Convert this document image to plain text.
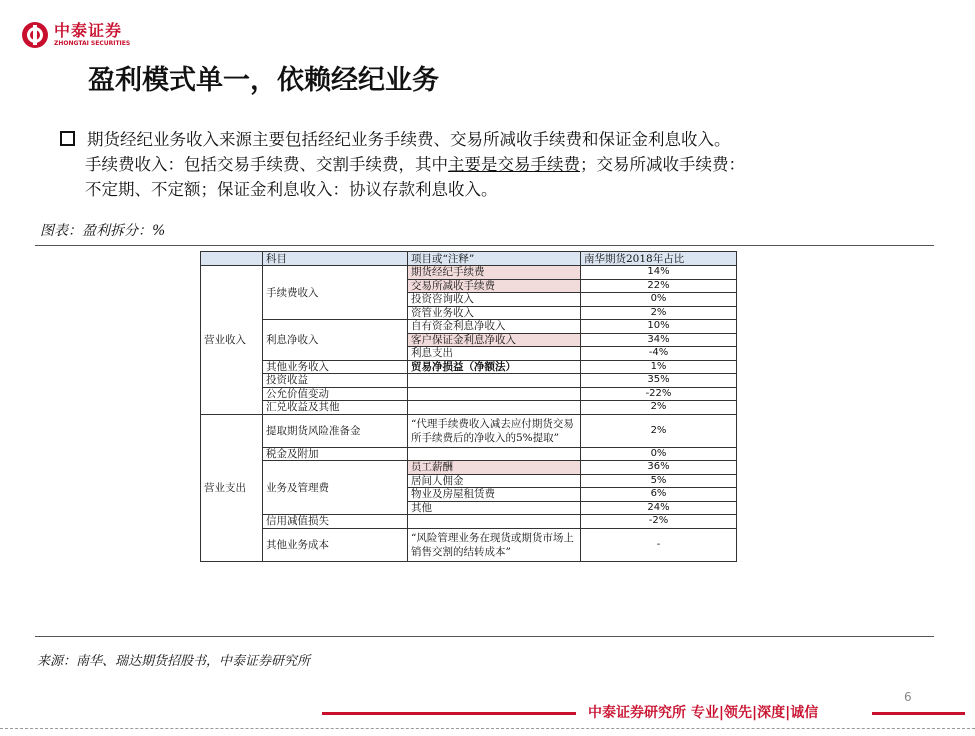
中泰证券
ZHONGTAI SECURITIES
盈利模式单一，依赖经纪业务
期货经纪业务收入来源主要包括经纪业务手续费、交易所减收手续费和保证金利息收入。
手续费收入：包括交易手续费、交割手续费，其中主要是交易手续费；交易所减收手续费：
不定期、不定额；保证金利息收入：协议存款利息收入。
图表：盈利拆分：%
	科目	项目或“注释”	南华期货2018年占比
营业收入	手续费收入	期货经纪手续费	14%
		交易所减收手续费	22%
		投资咨询收入	0%
		资管业务收入	2%
	利息净收入	自有资金利息净收入	10%
		客户保证金利息净收入	34%
		利息支出	-4%
	其他业务收入	贸易净损益（净额法）	1%
	投资收益		35%
	公允价值变动		-22%
	汇兑收益及其他		2%
营业支出	提取期货风险准备金	“代理手续费收入减去应付期货交易所手续费后的净收入的5%提取”	2%
	税金及附加		0%
	业务及管理费	员工薪酬	36%
		居间人佣金	5%
		物业及房屋租赁费	6%
		其他	24%
	信用减值损失		-2%
	其他业务成本	“风险管理业务在现货或期货市场上销售交割的结转成本”	-
来源：南华、瑞达期货招股书，中泰证券研究所
6
中泰证券研究所 专业|领先|深度|诚信
